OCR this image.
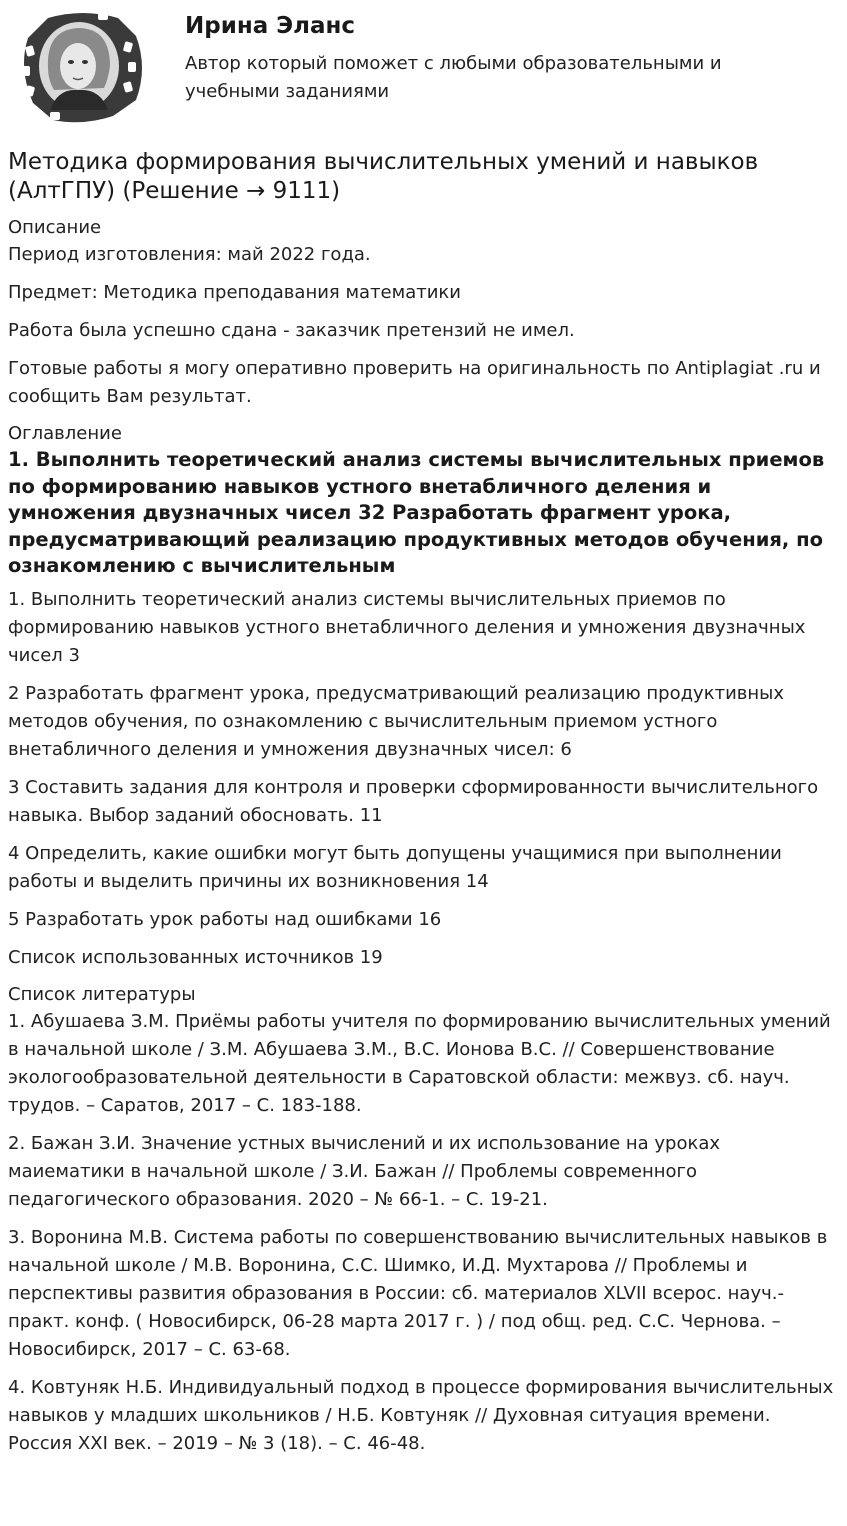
Ирина Эланс
Автор который поможет с любыми образовательными и учебными заданиями
Методика формирования вычислительных умений и навыков (АлтГПУ) (Решение → 9111)
Описание

Период изготовления: май 2022 года.

Предмет: Методика преподавания математики

Работа была успешно сдана - заказчик претензий не имел.

Готовые работы я могу оперативно проверить на оригинальность по Antiplagiat .ru и сообщить Вам результат.

Оглавление
1. Выполнить теоретический анализ системы вычислительных приемов по формированию навыков устного внетабличного деления и умножения двузначных чисел 32 Разработать фрагмент урока, предусматривающий реализацию продуктивных методов обучения, по ознакомлению с вычислительным

1. Выполнить теоретический анализ системы вычислительных приемов по формированию навыков устного внетабличного деления и умножения двузначных чисел 3

2 Разработать фрагмент урока, предусматривающий реализацию продуктивных методов обучения, по ознакомлению с вычислительным приемом устного внетабличного деления и умножения двузначных чисел: 6

3 Составить задания для контроля и проверки сформированности вычислительного навыка. Выбор заданий обосновать. 11

4 Определить, какие ошибки могут быть допущены учащимися при выполнении работы и выделить причины их возникновения 14

5 Разработать урок работы над ошибками 16

Список использованных источников 19

Список литературы

1. Абушаева З.М. Приёмы работы учителя по формированию вычислительных умений в начальной школе / З.М. Абушаева З.М., В.С. Ионова В.С. // Совершенствование экологообразовательной деятельности в Саратовской области: межвуз. сб. науч. трудов. – Саратов, 2017 – С. 183-188.

2. Бажан З.И. Значение устных вычислений и их использование на уроках маиематики в начальной школе / З.И. Бажан // Проблемы современного педагогического образования. 2020 – № 66-1. – С. 19-21.

3. Воронина М.В. Система работы по совершенствованию вычислительных навыков в начальной школе / М.В. Воронина, С.С. Шимко, И.Д. Мухтарова // Проблемы и перспективы развития образования в России: сб. материалов XLVII всерос. науч.-практ. конф. ( Новосибирск, 06-28 марта 2017 г. ) / под общ. ред. С.С. Чернова. – Новосибирск, 2017 – С. 63-68.

4. Ковтуняк Н.Б. Индивидуальный подход в процессе формирования вычислительных навыков у младших школьников / Н.Б. Ковтуняк // Духовная ситуация времени. Россия XXI век. – 2019 – № 3 (18). – С. 46-48.
